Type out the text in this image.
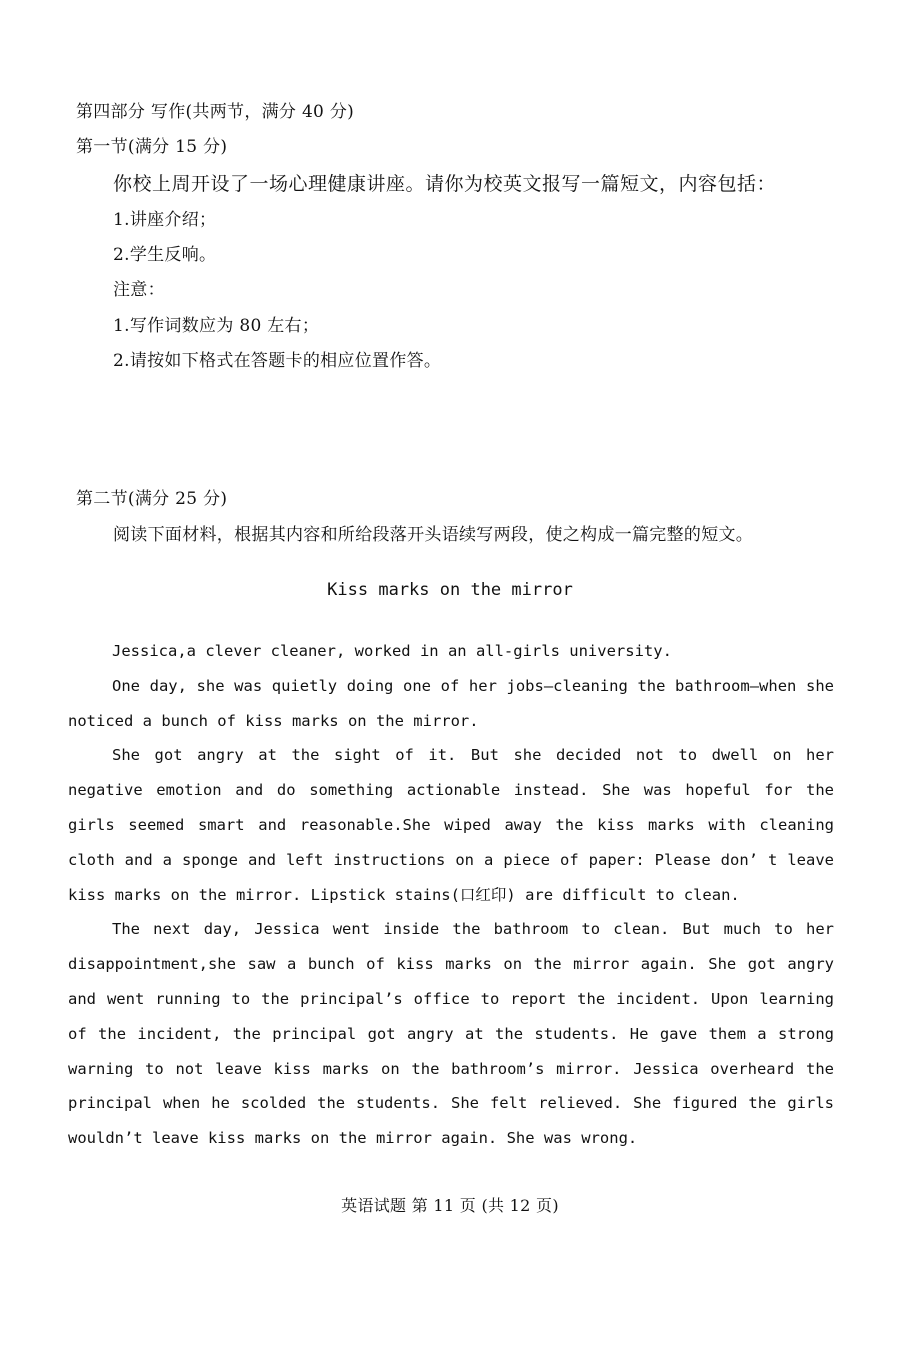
第四部分 写作(共两节，满分 40 分)
第一节(满分 15 分)
你校上周开设了一场心理健康讲座。请你为校英文报写一篇短文，内容包括：
1.讲座介绍；
2.学生反响。
注意：
1.写作词数应为 80 左右；
2.请按如下格式在答题卡的相应位置作答。
第二节(满分 25 分)
阅读下面材料，根据其内容和所给段落开头语续写两段，使之构成一篇完整的短文。
Kiss marks on the mirror

Jessica,a clever cleaner, worked in an all-girls university.

One day, she was quietly doing one of her jobs—cleaning the bathroom—when she noticed a bunch of kiss marks on the mirror.

She got angry at the sight of it. But she decided not to dwell on her negative emotion and do something actionable instead. She was hopeful for the girls seemed smart and reasonable.She wiped away the kiss marks with cleaning cloth and a sponge and left instructions on a piece of paper: Please don’ t leave kiss marks on the mirror. Lipstick stains(口红印) are difficult to clean.

The next day, Jessica went inside the bathroom to clean. But much to her disappointment,she saw a bunch of kiss marks on the mirror again. She got angry and went running to the principal’s office to report the incident. Upon learning of the incident, the principal got angry at the students. He gave them a strong warning to not leave kiss marks on the bathroom’s mirror. Jessica overheard the principal when he scolded the students. She felt relieved. She figured the girls wouldn’t leave kiss marks on the mirror again. She was wrong.

英语试题 第 11 页 (共 12 页)
